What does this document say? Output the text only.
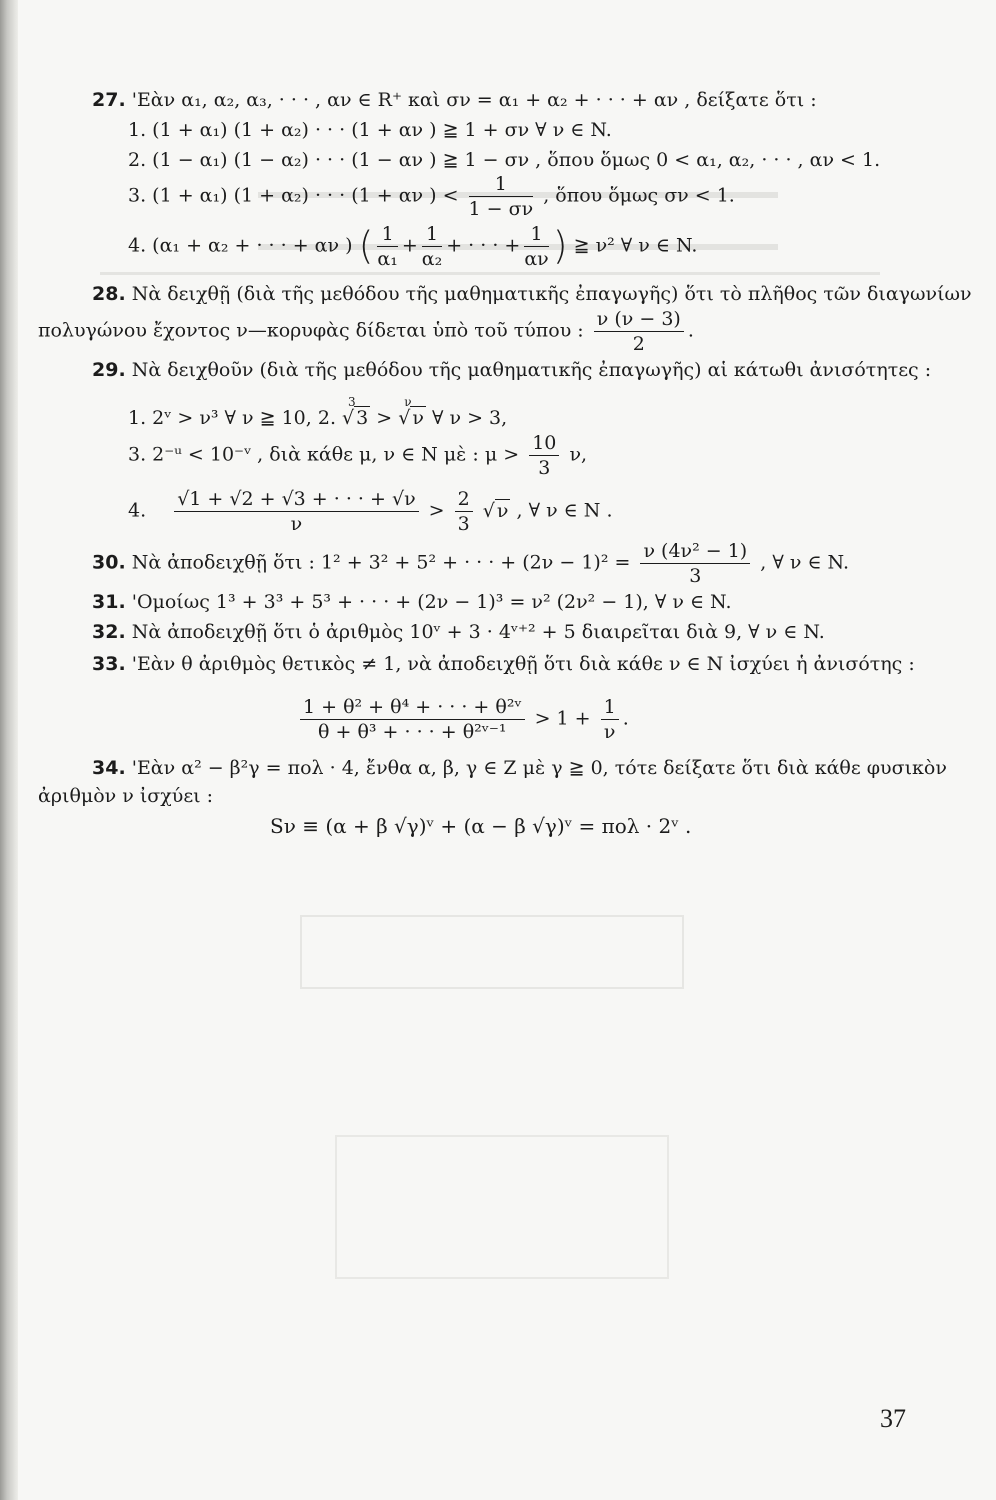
27. 'Εὰν α₁, α₂, α₃, · · · , αν ∈ R⁺ καὶ σν = α₁ + α₂ + · · · + αν , δείξατε ὅτι :
1. (1 + α₁) (1 + α₂) · · · (1 + αν ) ≧ 1 + σν ∀ ν ∈ N.
2. (1 − α₁) (1 − α₂) · · · (1 − αν ) ≧ 1 − σν , ὅπου ὅμως 0 < α₁, α₂, · · · , αν < 1.
3. (1 + α₁) (1 + α₂) · · · (1 + αν ) < $\frac{1}{1 - \sigma\nu}$ , ὅπου ὅμως σν < 1.
4. (α₁ + α₂ + · · · + αν ) ( $\frac{1}{\text{α₁}} + \frac{1}{\text{α₂}}$ + · · · + $\frac{1}{\alpha\nu}$ ) ≧ ν² ∀ ν ∈ N.
28. Νὰ δειχθῇ (διὰ τῆς μεθόδου τῆς μαθηματικῆς ἐπαγωγῆς) ὅτι τὸ πλῆθος τῶν διαγωνίων
πολυγώνου ἔχοντος ν—κορυφὰς δίδεται ὑπὸ τοῦ τύπου : $\frac{\nu (\nu - 3)}{2}$ .
29. Νὰ δειχθοῦν (διὰ τῆς μεθόδου τῆς μαθηματικῆς ἐπαγωγῆς) αἱ κάτωθι ἀνισότητες :
1. 2ᵛ > ν³ ∀ ν ≧ 10, 2.
3
√ 3 >
ν
√ ν ∀ ν > 3,
3. 2⁻ᵘ < 10⁻ᵛ , διὰ κάθε μ, ν ∈ N μὲ : $\mu > \frac{10}{3} \nu$,
4. $\frac{√1 + √2 + √3 + \cdot \cdot \cdot + √\nu}{\nu} > \frac{2}{3}$ √ ν , ∀ ν ∈ N .
30. Νὰ ἀποδειχθῇ ὅτι : 1² + 3² + 5² + · · · + $(2\nu - 1)^2 = \frac{\text{ν (4ν² − 1)}}{3}$ , ∀ ν ∈ N.
31. 'Ομοίως 1³ + 3³ + 5³ + · · · + (2ν − 1)³ = ν² (2ν² − 1), ∀ ν ∈ N.
32. Νὰ ἀποδειχθῇ ὅτι ὁ ἀριθμὸς 10ᵛ + 3 · 4ᵛ⁺² + 5 διαιρεῖται διὰ 9, ∀ ν ∈ N.
33. 'Εὰν θ ἀριθμὸς θετικὸς ≠ 1, νὰ ἀποδειχθῇ ὅτι διὰ κάθε ν ∈ N ἰσχύει ἡ ἀνισότης :
$\frac{\text{1 + θ² + θ⁴ + · · · + θ²ᵛ}}{\text{θ + θ³ + · · · + θ²ᵛ⁻¹}} > 1 + \frac{1}{\nu}$ .
34. 'Εὰν α² − β²γ = πολ · 4, ἔνθα α, β, γ ∈ Z μὲ γ ≧ 0, τότε δείξατε ὅτι διὰ κάθε φυσικὸν
ἀριθμὸν ν ἰσχύει :
Sν ≡ (α + β √γ)ᵛ + (α − β √γ)ᵛ = πολ · 2ᵛ .
37
